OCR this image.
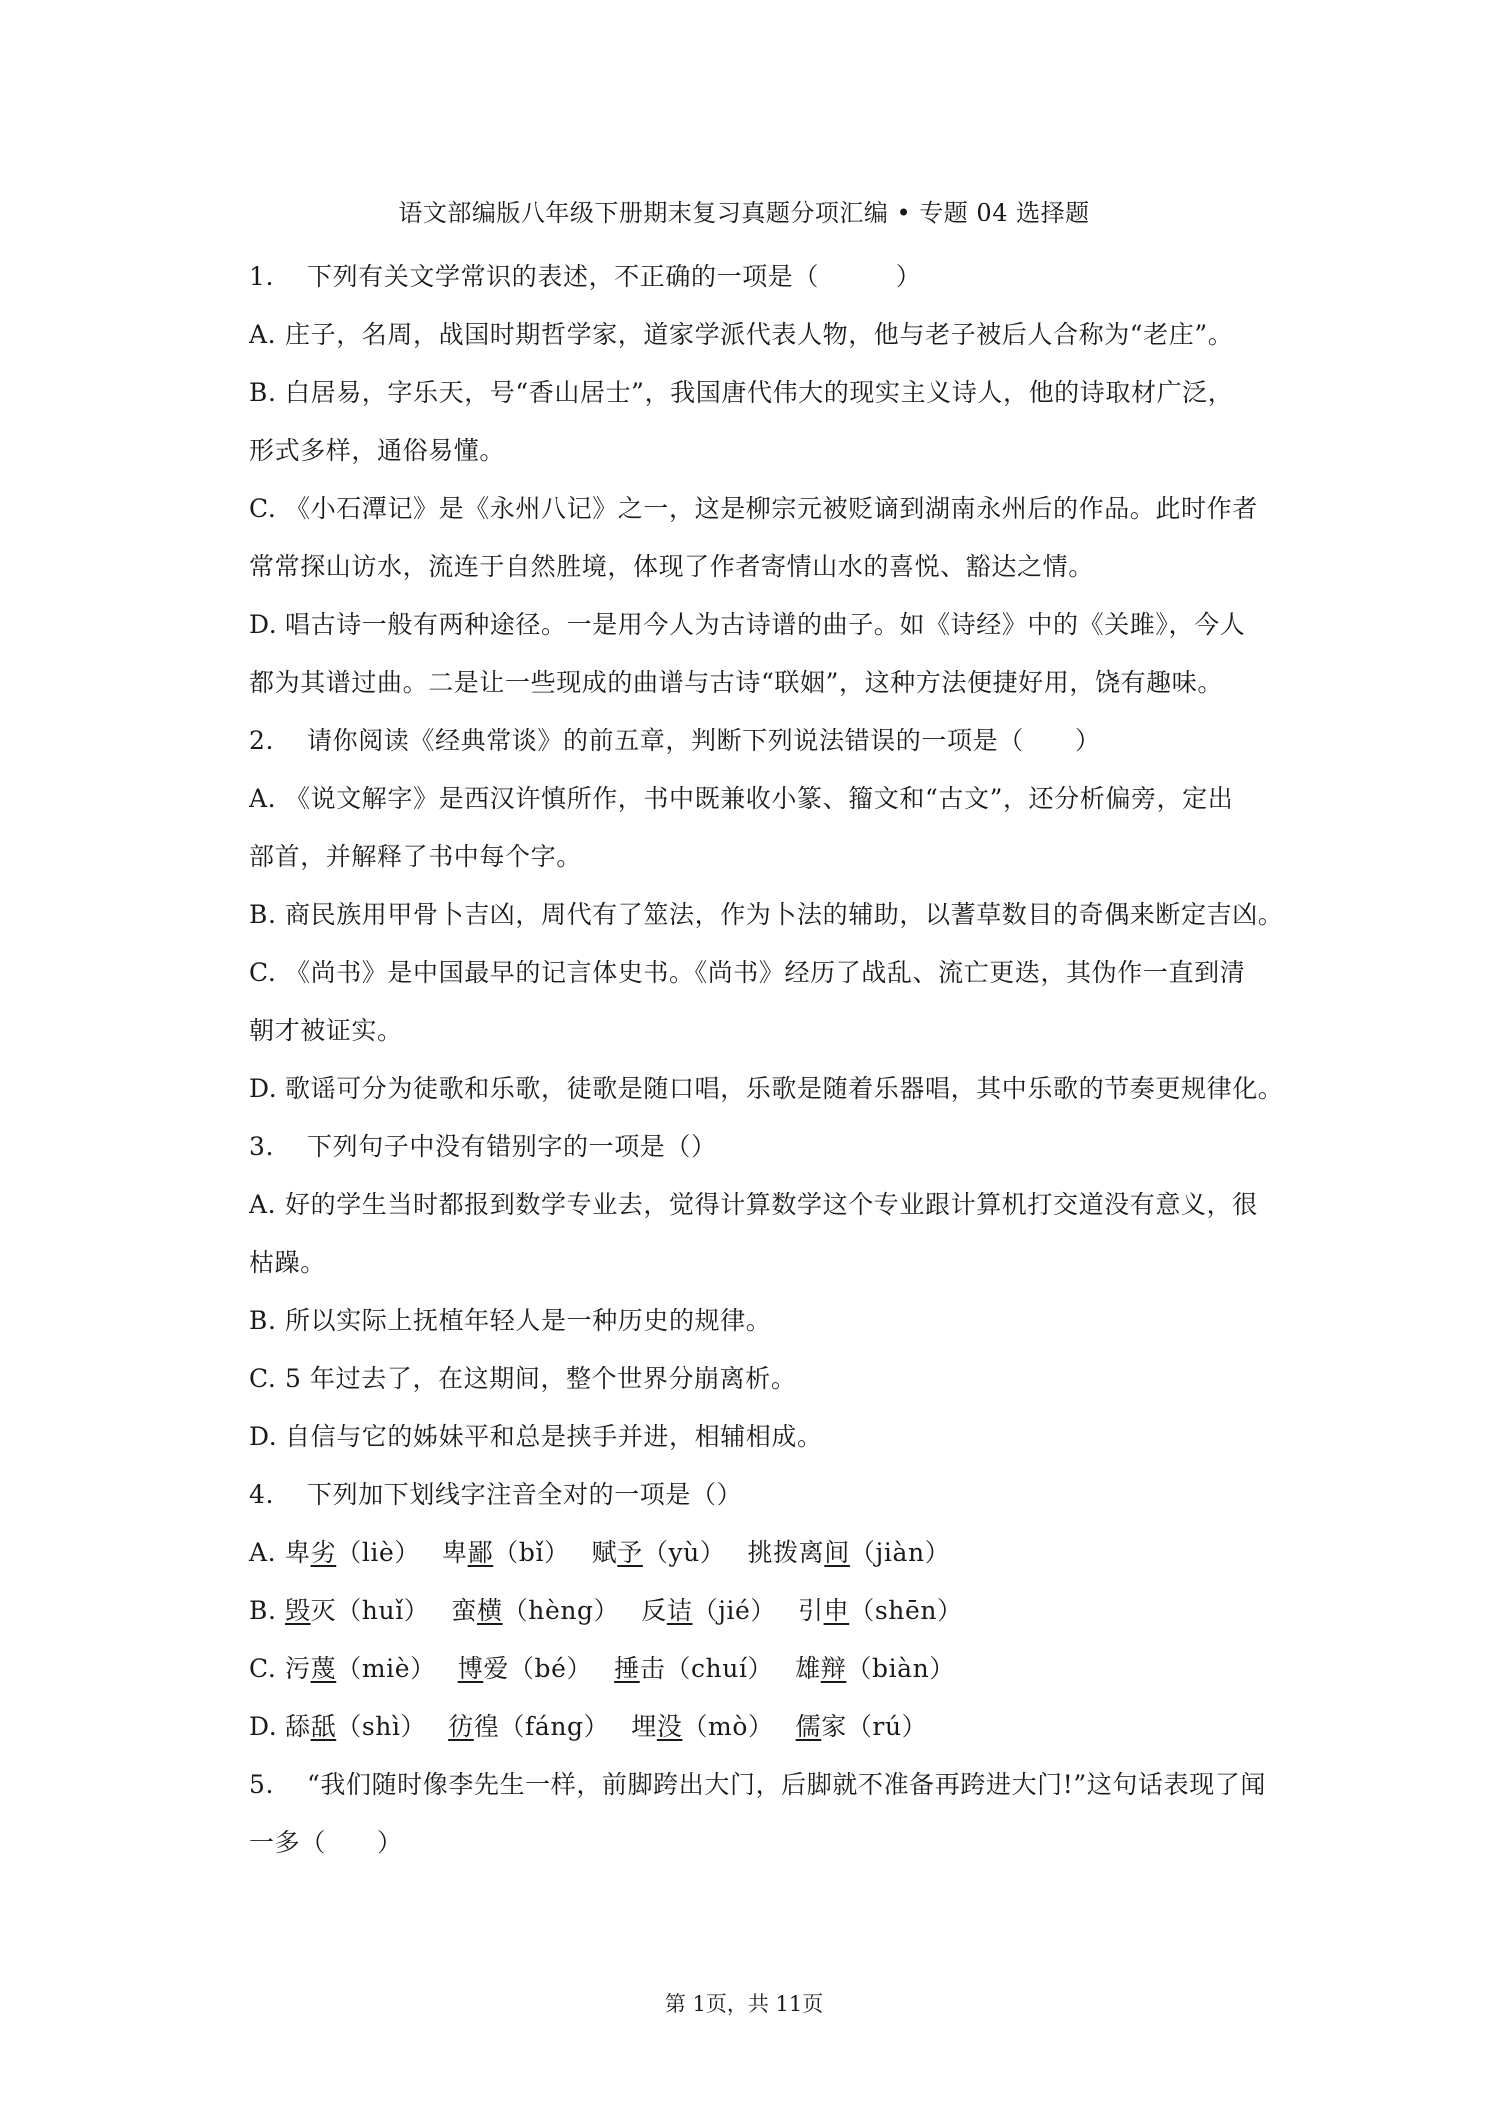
语文部编版八年级下册期末复习真题分项汇编 • 专题 04 选择题
1. 下列有关文学常识的表述，不正确的一项是（　　　）
A. 庄子，名周，战国时期哲学家，道家学派代表人物，他与老子被后人合称为“老庄”。
B. 白居易，字乐天，号“香山居士”，我国唐代伟大的现实主义诗人，他的诗取材广泛，
形式多样，通俗易懂。
C. 《小石潭记》是《永州八记》之一，这是柳宗元被贬谪到湖南永州后的作品。此时作者
常常探山访水，流连于自然胜境，体现了作者寄情山水的喜悦、豁达之情。
D. 唱古诗一般有两种途径。一是用今人为古诗谱的曲子。如《诗经》中的《关雎》，今人
都为其谱过曲。二是让一些现成的曲谱与古诗“联姻”，这种方法便捷好用，饶有趣味。
2. 请你阅读《经典常谈》的前五章，判断下列说法错误的一项是（　　）
A. 《说文解字》是西汉许慎所作，书中既兼收小篆、籀文和“古文”，还分析偏旁，定出
部首，并解释了书中每个字。
B. 商民族用甲骨卜吉凶，周代有了筮法，作为卜法的辅助，以蓍草数目的奇偶来断定吉凶。
C. 《尚书》是中国最早的记言体史书。《尚书》经历了战乱、流亡更迭，其伪作一直到清
朝才被证实。
D. 歌谣可分为徒歌和乐歌，徒歌是随口唱，乐歌是随着乐器唱，其中乐歌的节奏更规律化。
3. 下列句子中没有错别字的一项是（）
A. 好的学生当时都报到数学专业去，觉得计算数学这个专业跟计算机打交道没有意义，很
枯躁。
B. 所以实际上抚植年轻人是一种历史的规律。
C. 5 年过去了，在这期间，整个世界分崩离析。
D. 自信与它的姊妹平和总是挟手并进，相辅相成。
4. 下列加下划线字注音全对的一项是（）
A. 卑劣（liè） 卑鄙（bǐ） 赋予（yù） 挑拨离间（jiàn）
B. 毁灭（huǐ） 蛮横（hèng） 反诘（jié） 引申（shēn）
C. 污蔑（miè） 博爱（bé） 捶击（chuí） 雄辩（biàn）
D. 舔舐（shì） 彷徨（fáng） 埋没（mò） 儒家（rú）
5. “我们随时像李先生一样，前脚跨出大门，后脚就不准备再跨进大门!”这句话表现了闻
一多（　　）
第 1页，共 11页
